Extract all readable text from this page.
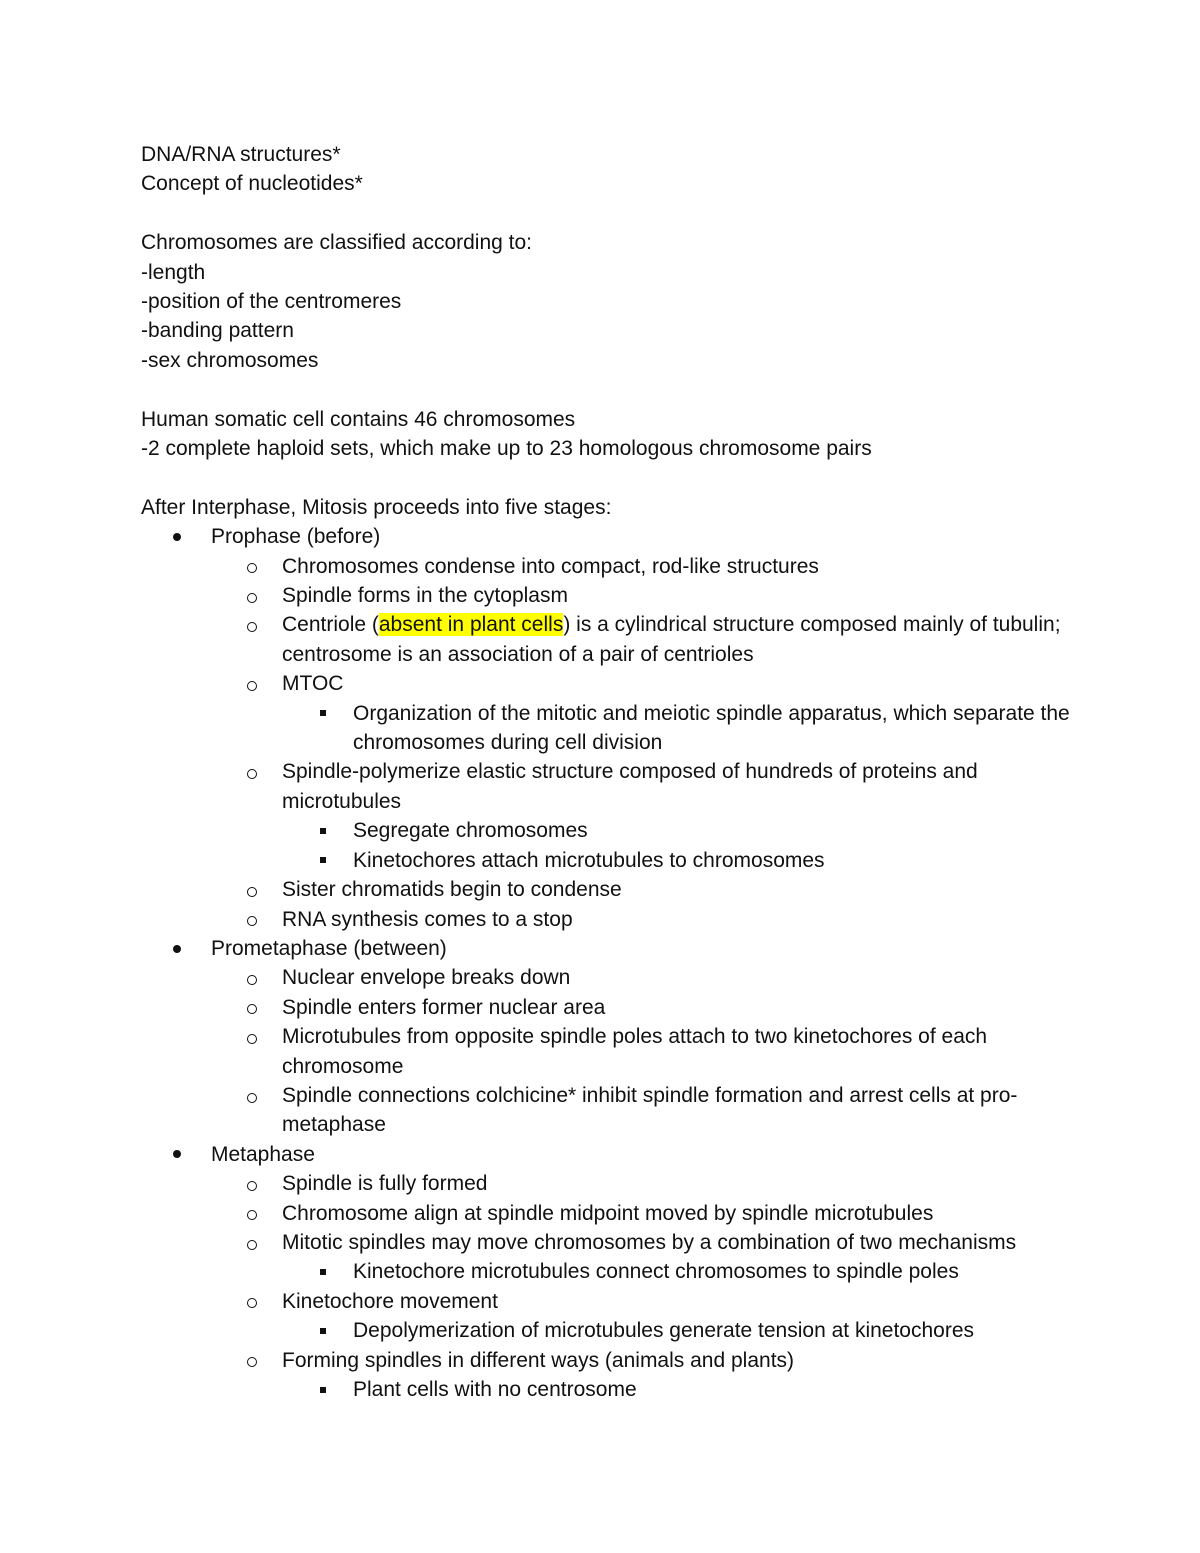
DNA/RNA structures*

Concept of nucleotides*

Chromosomes are classified according to:

-length

-position of the centromeres

-banding pattern

-sex chromosomes

Human somatic cell contains 46 chromosomes

-2 complete haploid sets, which make up to 23 homologous chromosome pairs

After Interphase, Mitosis proceeds into five stages:

Prophase (before)
Chromosomes condense into compact, rod-like structures
Spindle forms in the cytoplasm
Centriole (absent in plant cells) is a cylindrical structure composed mainly of tubulin; centrosome is an association of a pair of centrioles
MTOC
Organization of the mitotic and meiotic spindle apparatus, which separate the chromosomes during cell division
Spindle-polymerize elastic structure composed of hundreds of proteins and microtubules
Segregate chromosomes
Kinetochores attach microtubules to chromosomes
Sister chromatids begin to condense
RNA synthesis comes to a stop
Prometaphase (between)
Nuclear envelope breaks down
Spindle enters former nuclear area
Microtubules from opposite spindle poles attach to two kinetochores of each chromosome
Spindle connections colchicine* inhibit spindle formation and arrest cells at pro-metaphase
Metaphase
Spindle is fully formed
Chromosome align at spindle midpoint moved by spindle microtubules
Mitotic spindles may move chromosomes by a combination of two mechanisms
Kinetochore microtubules connect chromosomes to spindle poles
Kinetochore movement
Depolymerization of microtubules generate tension at kinetochores
Forming spindles in different ways (animals and plants)
Plant cells with no centrosome
